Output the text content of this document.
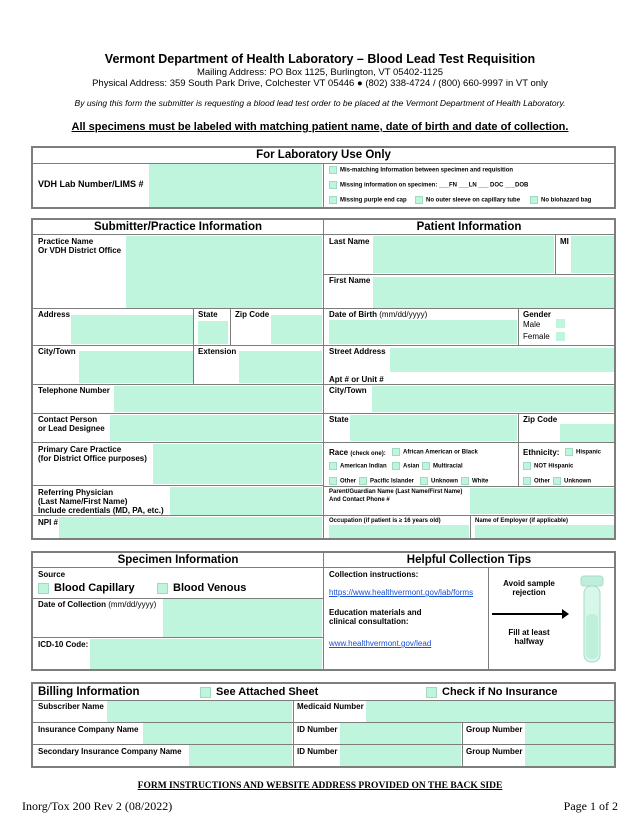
Vermont Department of Health Laboratory – Blood Lead Test Requisition
Mailing Address: PO Box 1125, Burlington, VT 05402-1125
Physical Address: 359 South Park Drive, Colchester VT 05446 ● (802) 338-4724 / (800) 660-9997 in VT only
By using this form the submitter is requesting a blood lead test order to be placed at the Vermont Department of Health Laboratory.
All specimens must be labeled with matching patient name, date of birth and date of collection.
For Laboratory Use Only
VDH Lab Number/LIMS #
Mis-matching Information between specimen and requisition
Missing information on specimen: ___FN ___LN ___ DOC ___DOB
Missing purple end cap	No outer sleeve on capillary tube	No biohazard bag
Submitter/Practice Information	Patient Information
Practice Name
Or VDH District Office
Address	State Zip Code
City/Town	Extension
Telephone Number
Contact Person
or Lead Designee
Primary Care Practice
(for District Office purposes)
Referring Physician
(Last Name/First Name)
Include credentials (MD, PA, etc.)
NPI #
Last Name	MI
First Name
Date of Birth (mm/dd/yyyy)	Gender
Male
Female
Street Address
Apt # or Unit #
City/Town
State	Zip Code
Race (check one):	African American or Black
American Indian	Asian	Multiracial
Other	Pacific Islander	Unknown	White
Ethnicity:	Hispanic
NOT Hispanic
Other	Unknown
Parent/Guardian Name (Last Name/First Name)
And Contact Phone #
Occupation (if patient is ≥ 16 years old)	Name of Employer (if applicable)
Specimen Information	Helpful Collection Tips
Source
Blood Capillary	Blood Venous
Date of Collection (mm/dd/yyyy)
ICD-10 Code:
Collection instructions:
https://www.healthvermont.gov/lab/forms
Education materials and
clinical consultation:
www.healthvermont.gov/lead
Avoid sample
rejection
Fill at least
halfway
Billing Information	See Attached Sheet	Check if No Insurance
Subscriber Name	Medicaid Number
Insurance Company Name	ID Number	Group Number
Secondary Insurance Company Name	ID Number	Group Number
FORM INSTRUCTIONS AND WEBSITE ADDRESS PROVIDED ON THE BACK SIDE
Inorg/Tox 200 Rev 2 (08/2022)	Page 1 of 2
